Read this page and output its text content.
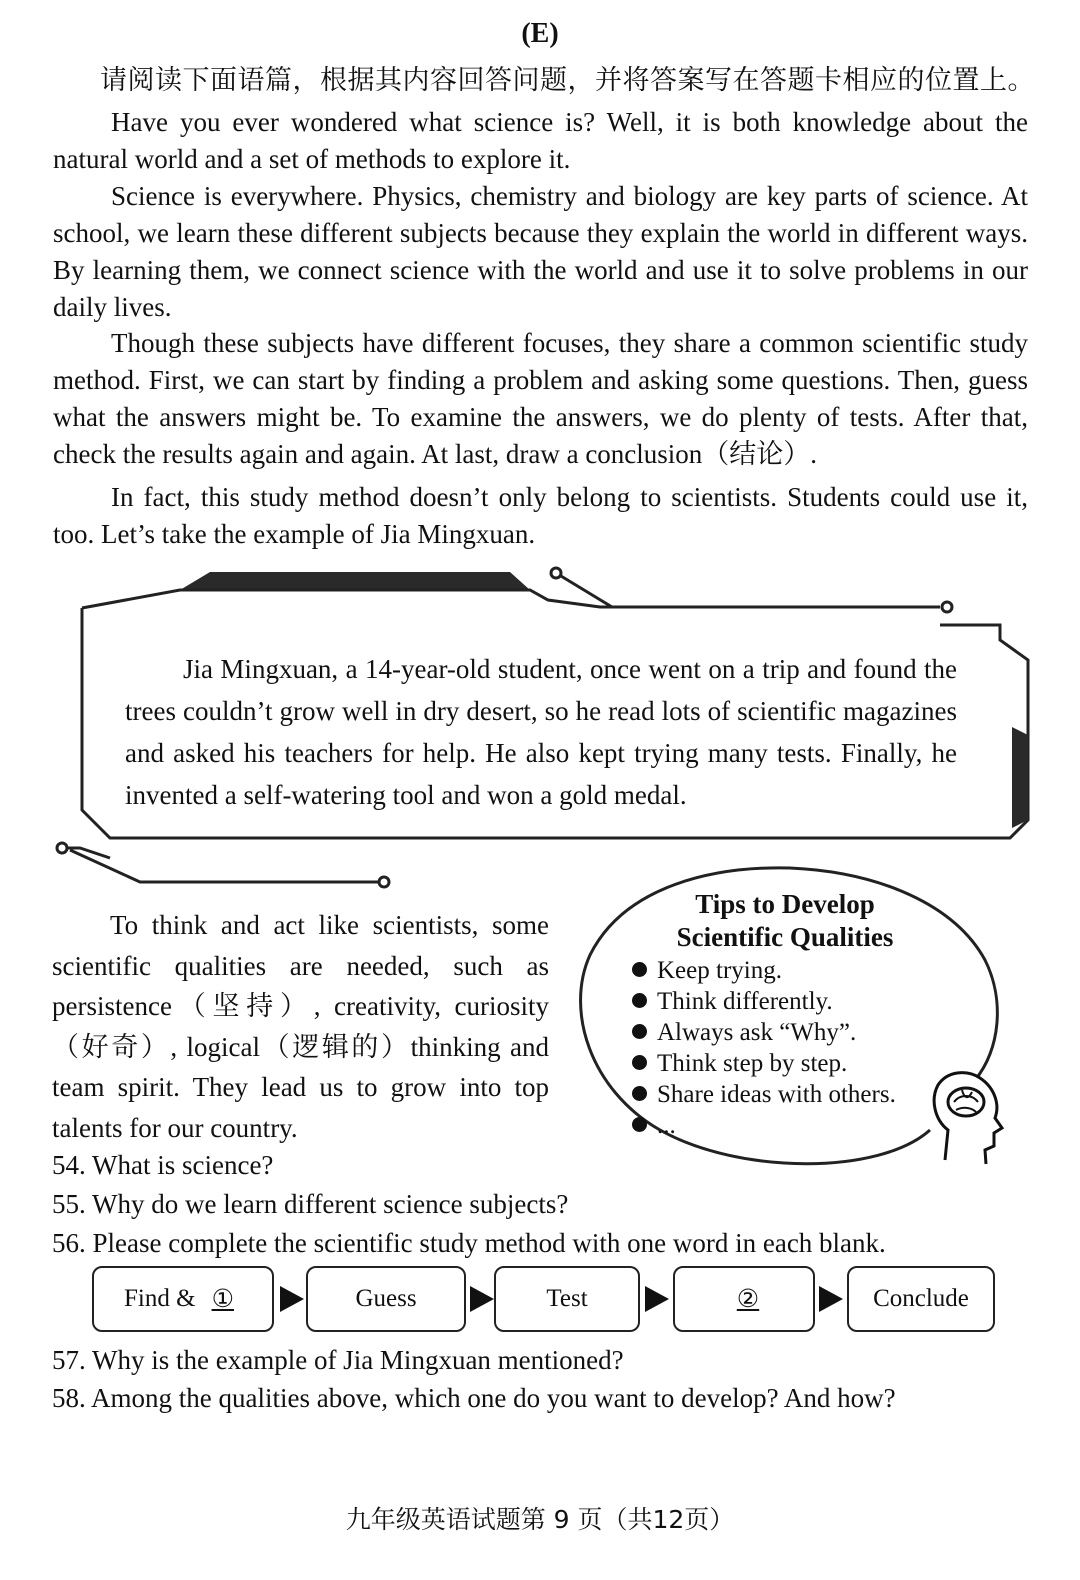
(E)
请阅读下面语篇，根据其内容回答问题，并将答案写在答题卡相应的位置上。

Have you ever wondered what science is? Well, it is both knowledge about the natural world and a set of methods to explore it.

Science is everywhere. Physics, chemistry and biology are key parts of science. At school, we learn these different subjects because they explain the world in different ways. By learning them, we connect science with the world and use it to solve problems in our daily lives.

Though these subjects have different focuses, they share a common scientific study method. First, we can start by finding a problem and asking some questions. Then, guess what the answers might be. To examine the answers, we do plenty of tests. After that, check the results again and again. At last, draw a conclusion（结论）.

In fact, this study method doesn’t only belong to scientists. Students could use it, too. Let’s take the example of Jia Mingxuan.

Jia Mingxuan, a 14-year-old student, once went on a trip and found the trees couldn’t grow well in dry desert, so he read lots of scientific magazines and asked his teachers for help. He also kept trying many tests. Finally, he invented a self-watering tool and won a gold medal.

To think and act like scientists, some scientific qualities are needed, such as persistence（坚持）, creativity, curiosity（好奇）, logical（逻辑的）thinking and team spirit. They lead us to grow into top talents for our country.

Tips to Develop
Scientific Qualities
Keep trying.
Think differently.
Always ask “Why”.
Think step by step.
Share ideas with others.
...
54. What is science?
55. Why do we learn different science subjects?
56. Please complete the scientific study method with one word in each blank.
Find & ①	Guess	Test	②	Conclude
57. Why is the example of Jia Mingxuan mentioned?
58. Among the qualities above, which one do you want to develop? And how?
九年级英语试题第 9 页（共12页）
